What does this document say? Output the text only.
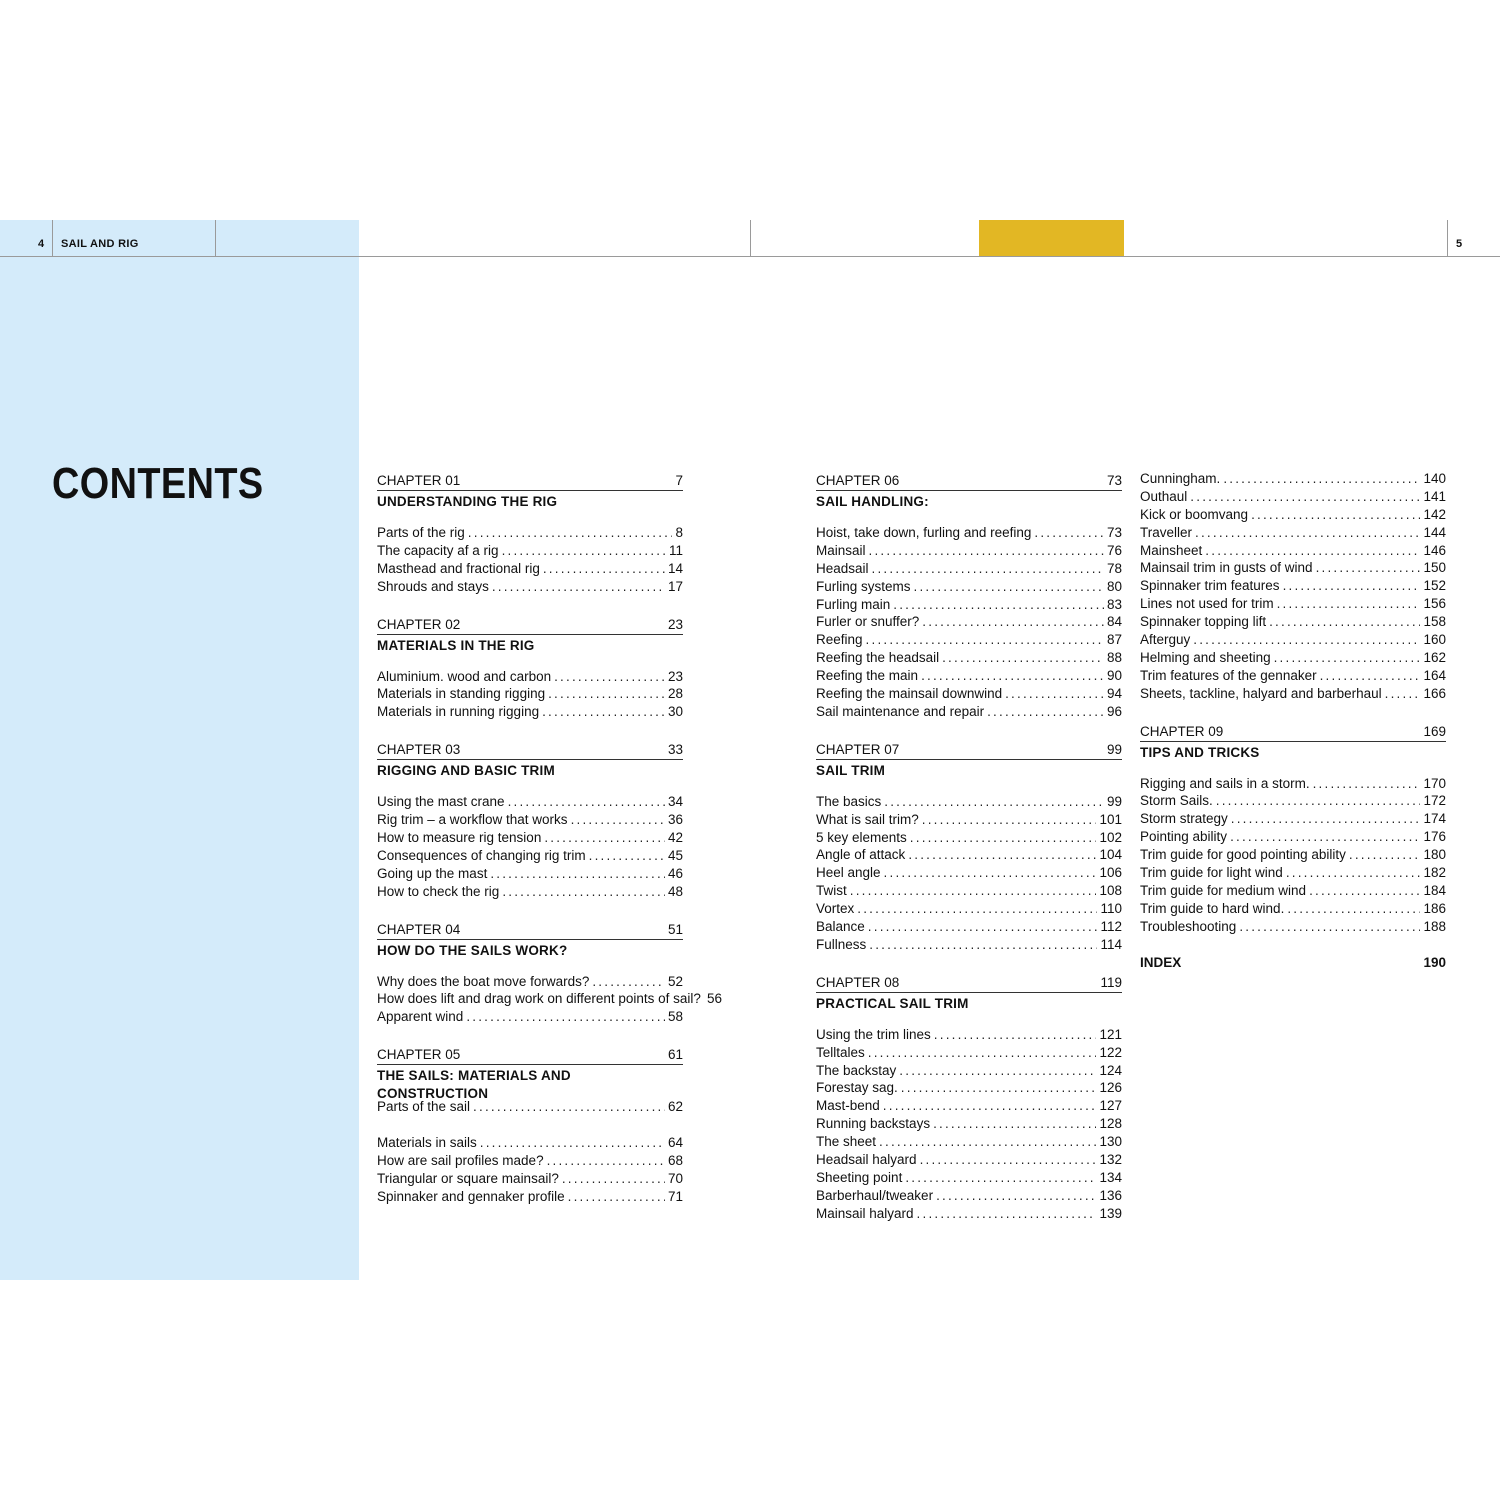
4 SAIL AND RIG	5
CONTENTS	CHAPTER 01	7
UNDERSTANDING THE RIG
Parts of the rig .....	8
The capacity af a rig .....	11
Masthead and fractional rig .....	14
Shrouds and stays .....	17
CHAPTER 02	23
MATERIALS IN THE RIG
Aluminium. wood and carbon .....	23
Materials in standing rigging .....	28
Materials in running rigging .....	30
CHAPTER 03	33
RIGGING AND BASIC TRIM
Using the mast crane .....	34
Rig trim – a workflow that works .....	36
How to measure rig tension .....	42
Consequences of changing rig trim .....	45
Going up the mast .....	46
How to check the rig .....	48
CHAPTER 04	51
HOW DO THE SAILS WORK?
Why does the boat move forwards? .....	52
How does lift and drag work on different points of sail? 56
Apparent wind .....	58
CHAPTER 05	61
THE SAILS: MATERIALS AND CONSTRUCTION
Parts of the sail .....	62
Materials in sails .....	64
How are sail profiles made? .....	68
Triangular or square mainsail? .....	70
Spinnaker and gennaker profile .....	71
CHAPTER 06	73
SAIL HANDLING:
Hoist, take down, furling and reefing .....	73
Mainsail .....	76
Headsail .....	78
Furling systems .....	80
Furling main .....	83
Furler or snuffer? .....	84
Reefing .....	87
Reefing the headsail .....	88
Reefing the main .....	90
Reefing the mainsail downwind .....	94
Sail maintenance and repair .....	96
CHAPTER 07	99
SAIL TRIM
The basics .....	99
What is sail trim? .....	101
5 key elements .....	102
Angle of attack .....	104
Heel angle .....	106
Twist .....	108
Vortex .....	110
Balance .....	112
Fullness .....	114
CHAPTER 08	119
PRACTICAL SAIL TRIM
Using the trim lines .....	121
Telltales .....	122
The backstay .....	124
Forestay sag. .....	126
Mast-bend .....	127
Running backstays .....	128
The sheet .....	130
Headsail halyard .....	132
Sheeting point .....	134
Barberhaul/tweaker .....	136
Mainsail halyard .....	139
Cunningham. .....	140
Outhaul .....	141
Kick or boomvang .....	142
Traveller .....	144
Mainsheet .....	146
Mainsail trim in gusts of wind .....	150
Spinnaker trim features .....	152
Lines not used for trim .....	156
Spinnaker topping lift .....	158
Afterguy .....	160
Helming and sheeting .....	162
Trim features of the gennaker .....	164
Sheets, tackline, halyard and barberhaul .....	166
CHAPTER 09	169
TIPS AND TRICKS
Rigging and sails in a storm. .....	170
Storm Sails. .....	172
Storm strategy .....	174
Pointing ability .....	176
Trim guide for good pointing ability .....	180
Trim guide for light wind .....	182
Trim guide for medium wind .....	184
Trim guide to hard wind. .....	186
Troubleshooting .....	188
INDEX	190
